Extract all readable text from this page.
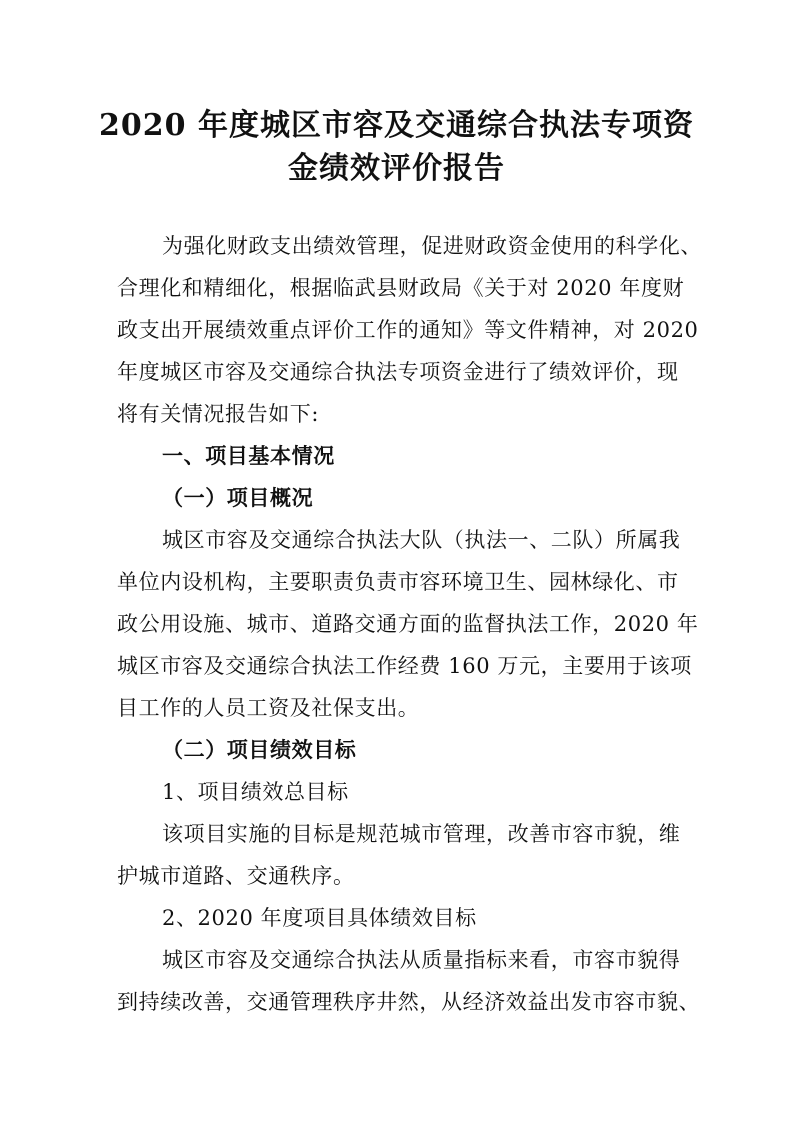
2020 年度城区市容及交通综合执法专项资
金绩效评价报告
为强化财政支出绩效管理，促进财政资金使用的科学化、
合理化和精细化，根据临武县财政局《关于对 2020 年度财
政支出开展绩效重点评价工作的通知》等文件精神，对 2020
年度城区市容及交通综合执法专项资金进行了绩效评价，现
将有关情况报告如下:
一、项目基本情况
（一）项目概况
城区市容及交通综合执法大队（执法一、二队）所属我
单位内设机构，主要职责负责市容环境卫生、园林绿化、市
政公用设施、城市、道路交通方面的监督执法工作，2020 年
城区市容及交通综合执法工作经费 160 万元，主要用于该项
目工作的人员工资及社保支出。
（二）项目绩效目标
1、项目绩效总目标
该项目实施的目标是规范城市管理，改善市容市貌，维
护城市道路、交通秩序。
2、2020 年度项目具体绩效目标
城区市容及交通综合执法从质量指标来看，市容市貌得
到持续改善，交通管理秩序井然，从经济效益出发市容市貌、
